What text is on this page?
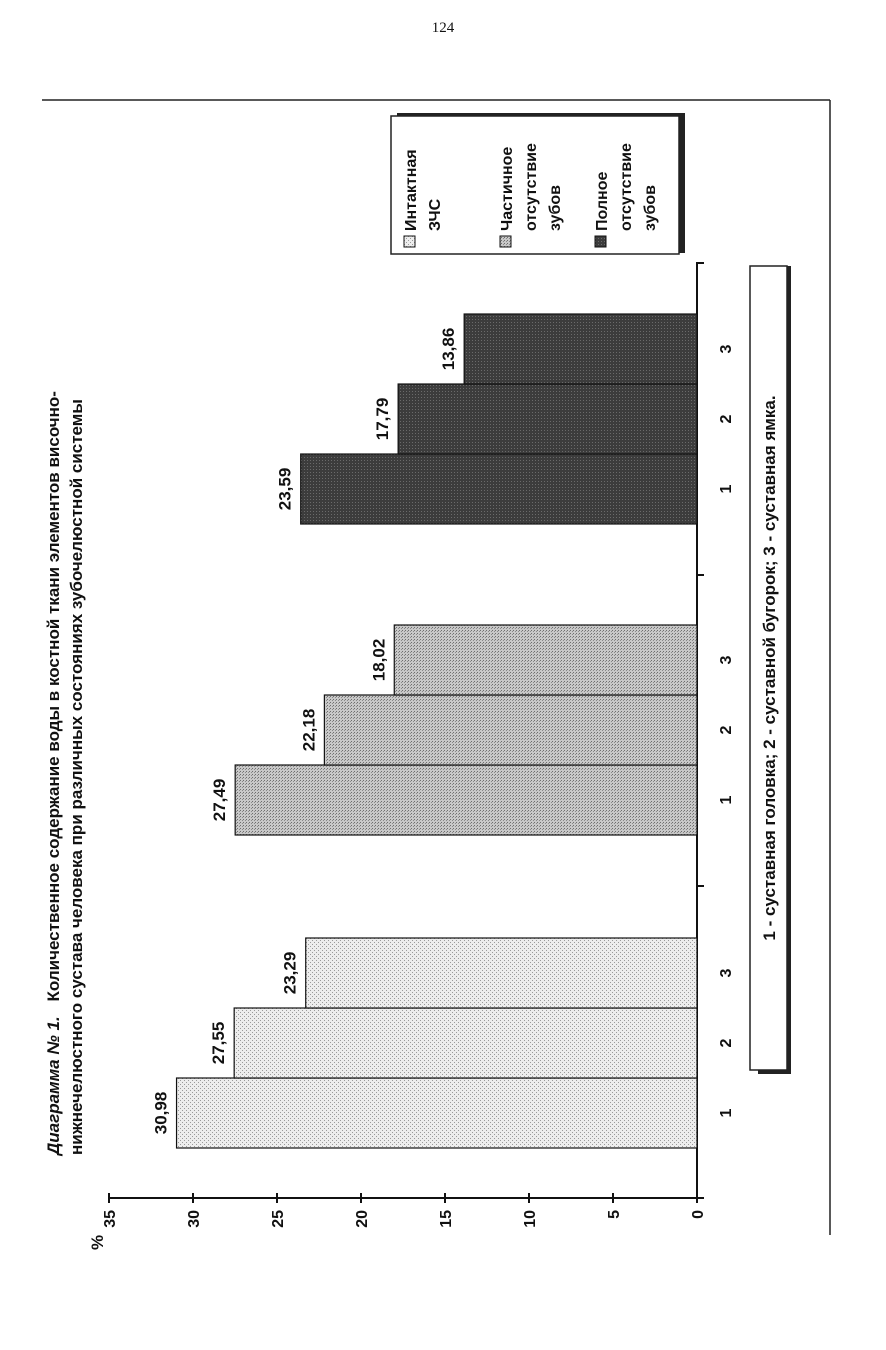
124
Диаграмма № 1. Количественное содержание воды в костной ткани элементов височно- нижнечелюстного сустава человека при различных состояниях зубочелюстной системы
0
5
10
15
20
25
30
35
%
30,98	1
27,55	2
23,29	3
27,49	1
22,18	2
18,02	3
23,59	1
17,79	2
13,86	3
Интактная ЗЧС	Частичное отсутствие зубов Полное отсутствие зубов
1 - суставная головка; 2 - суставной бугорок; 3 - суставная ямка.
